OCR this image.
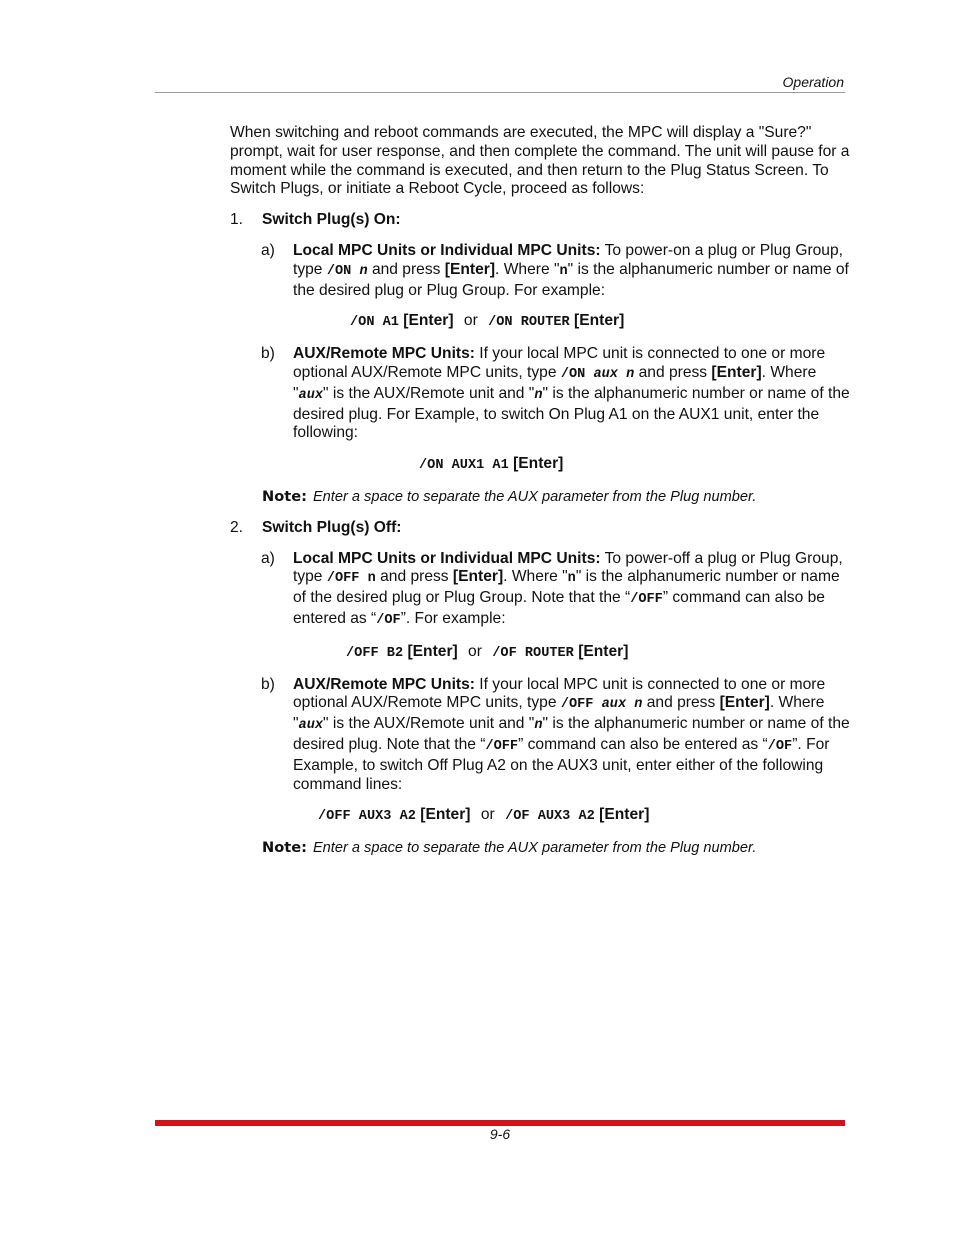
Operation

When switching and reboot commands are executed, the MPC will display a "Sure?" prompt, wait for user response, and then complete the command. The unit will pause for a moment while the command is executed, and then return to the Plug Status Screen. To Switch Plugs, or initiate a Reboot Cycle, proceed as follows:

1. Switch Plug(s) On:
a) Local MPC Units or Individual MPC Units: To power-on a plug or Plug Group, type /ON n and press [Enter]. Where "n" is the alphanumeric number or name of the desired plug or Plug Group. For example:

/ON A1 [Enter] or /ON ROUTER [Enter]
b) AUX/Remote MPC Units: If your local MPC unit is connected to one or more optional AUX/Remote MPC units, type /ON aux n and press [Enter]. Where "aux" is the AUX/Remote unit and "n" is the alphanumeric number or name of the desired plug. For Example, to switch On Plug A1 on the AUX1 unit, enter the following:

/ON AUX1 A1 [Enter]
Note: Enter a space to separate the AUX parameter from the Plug number.
2. Switch Plug(s) Off:
a) Local MPC Units or Individual MPC Units: To power-off a plug or Plug Group, type /OFF n and press [Enter]. Where "n" is the alphanumeric number or name of the desired plug or Plug Group. Note that the “/OFF” command can also be entered as “/OF”. For example:

/OFF B2 [Enter] or /OF ROUTER [Enter]
b) AUX/Remote MPC Units: If your local MPC unit is connected to one or more optional AUX/Remote MPC units, type /OFF aux n and press [Enter]. Where "aux" is the AUX/Remote unit and "n" is the alphanumeric number or name of the desired plug. Note that the “/OFF” command can also be entered as “/OF”. For Example, to switch Off Plug A2 on the AUX3 unit, enter either of the following command lines:

/OFF AUX3 A2 [Enter] or /OF AUX3 A2 [Enter]
Note: Enter a space to separate the AUX parameter from the Plug number.
9-6
